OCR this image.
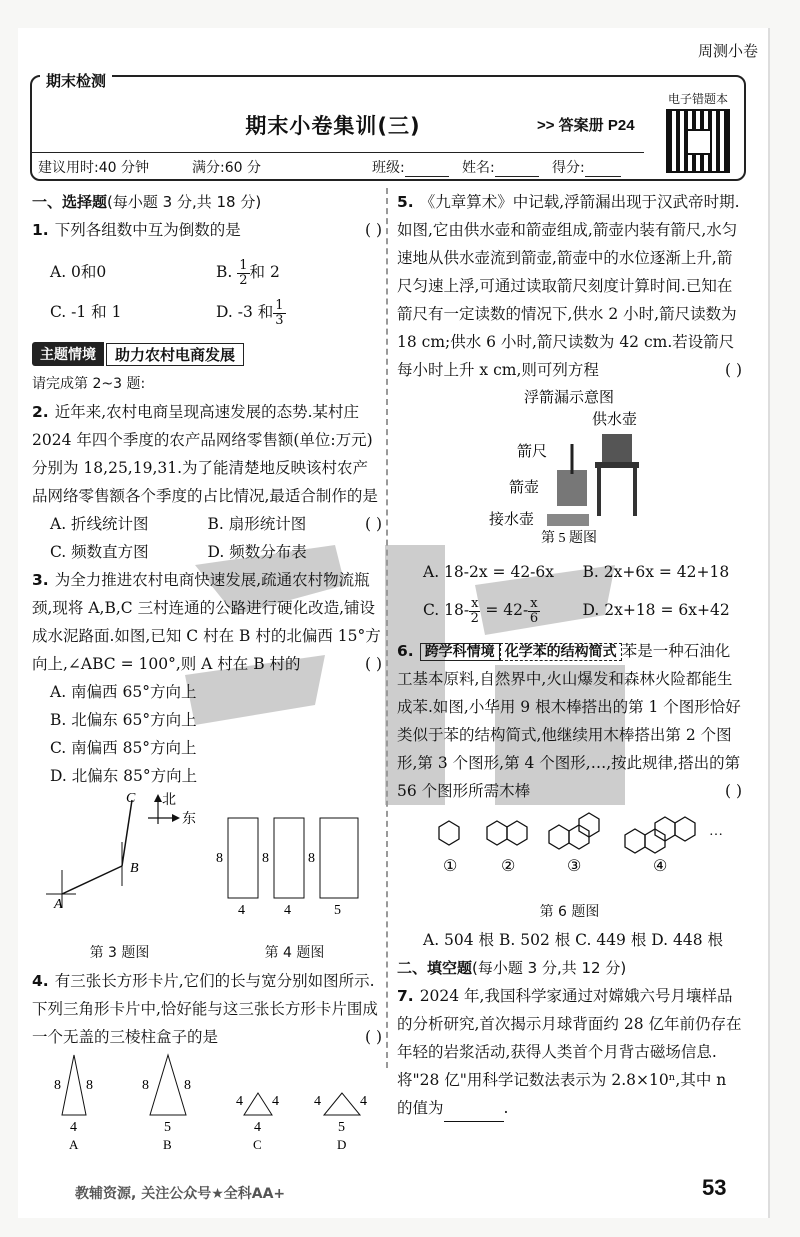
周测小卷
期末小卷集训(三)	>> 答案册 P24
建议用时:40 分钟	满分:60 分	班级:	姓名:	得分:
电子错题本
期末检测
一、选择题(每小题 3 分,共 18 分)
1. 下列各组数中互为倒数的是	( )
A. 0和0	B. $\frac{1}{2}$ 和 2
C. -1 和 1	D. -3 和 $\frac{1}{3}$
主题情境	助力农村电商发展
请完成第 2~3 题:
2. 近年来,农村电商呈现高速发展的态势.某村庄 2024 年四个季度的农产品网络零售额(单位:万元)分别为 18,25,19,31.为了能清楚地反映该村农产品网络零售额各个季度的占比情况,最适合制作的是
( )
A. 折线统计图	B. 扇形统计图
C. 频数直方图	D. 频数分布表
3. 为全力推进农村电商快速发展,疏通农村物流瓶颈,现将 A,B,C 三村连通的公路进行硬化改造,铺设成水泥路面.如图,已知 C 村在 B 村的北偏西 15°方向上,∠ABC = 100°,则 A 村在 B 村的	( )
A. 南偏西 65°方向上
B. 北偏东 65°方向上
C. 南偏西 85°方向上
D. 北偏东 85°方向上
北
东
C
B
A
8	8	8
4	4	5
第 3 题图	第 4 题图
4. 有三张长方形卡片,它们的长与宽分别如图所示.下列三角形卡片中,恰好能与这三张长方形卡片围成一个无盖的三棱柱盒子的是	( )
8 8
4
A
8	8
5
B
4 4
4
C
4	4
5
D
5. 《九章算术》中记载,浮箭漏出现于汉武帝时期.如图,它由供水壶和箭壶组成,箭壶内装有箭尺,水匀速地从供水壶流到箭壶,箭壶中的水位逐渐上升,箭尺匀速上浮,可通过读取箭尺刻度计算时间.已知在箭尺有一定读数的情况下,供水 2 小时,箭尺读数为 18 cm;供水 6 小时,箭尺读数为 42 cm.若设箭尺每小时上升 x cm,则可列方程	( )
浮箭漏示意图
供水壶
箭尺
箭壶
接水壶
第 5 题图
A. 18-2x = 42-6x	B. 2x+6x = 42+18
C. $18- \frac{x}{2} = 42- \frac{x}{6}$	D. 2x+18 = 6x+42
6. 跨学科情境 化学苯的结构简式 苯是一种石油化工基本原料,自然界中,火山爆发和森林火险都能生成苯.如图,小华用 9 根木棒搭出的第 1 个图形恰好类似于苯的结构简式,他继续用木棒搭出第 2 个图形,第 3 个图形,第 4 个图形,…,按此规律,搭出的第 56 个图形所需木棒	( )
…
①	②	③	④
第 6 题图
A. 504 根 B. 502 根 C. 449 根 D. 448 根
二、填空题(每小题 3 分,共 12 分)
7. 2024 年,我国科学家通过对嫦娥六号月壤样品的分析研究,首次揭示月球背面约 28 亿年前仍存在年轻的岩浆活动,获得人类首个月背古磁场信息.将"28 亿"用科学记数法表示为 2.8×10ⁿ,其中 n 的值为	.
教辅资源, 关注公众号★全科AA+	53
